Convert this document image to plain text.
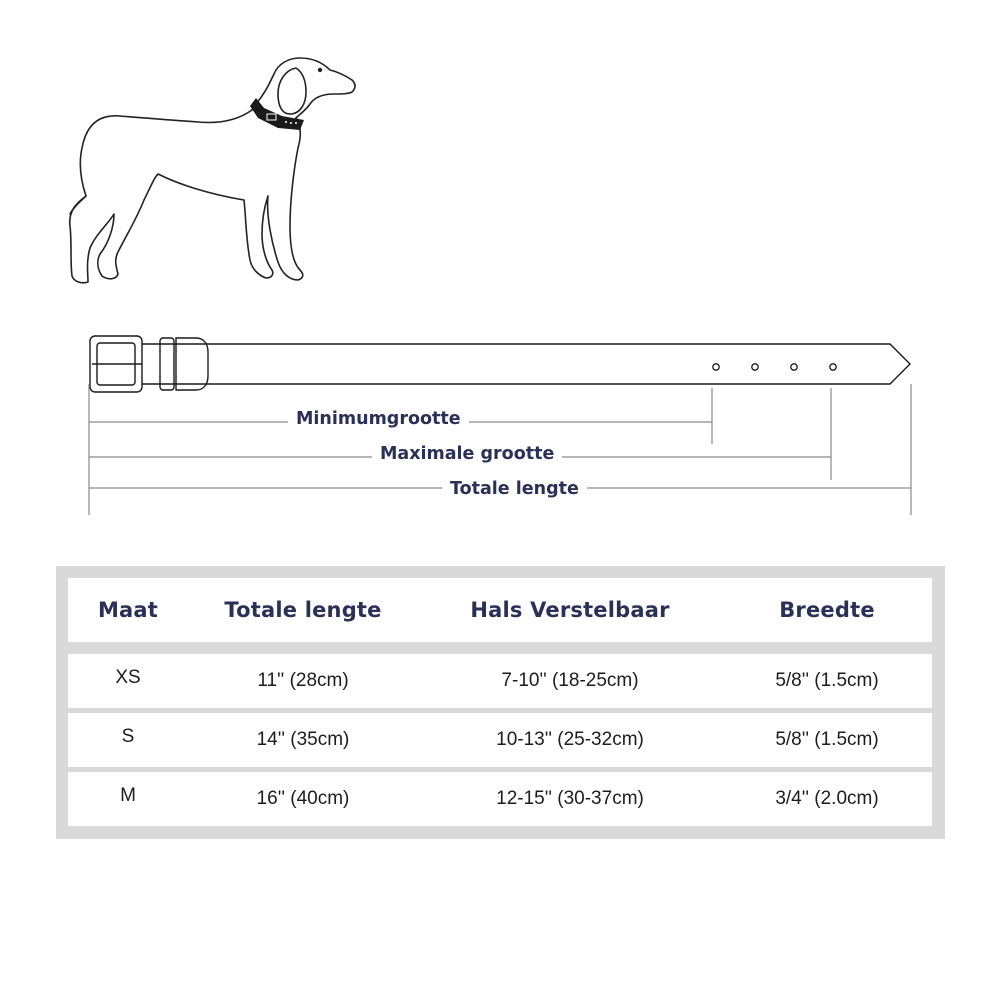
Minimumgrootte
Maximale grootte
Totale lengte
Maat	Totale lengte	Hals Verstelbaar	Breedte
XS	11'' (28cm)	7-10'' (18-25cm)	5/8'' (1.5cm)
S	14'' (35cm)	10-13'' (25-32cm)	5/8'' (1.5cm)
M	16'' (40cm)	12-15'' (30-37cm)	3/4'' (2.0cm)
